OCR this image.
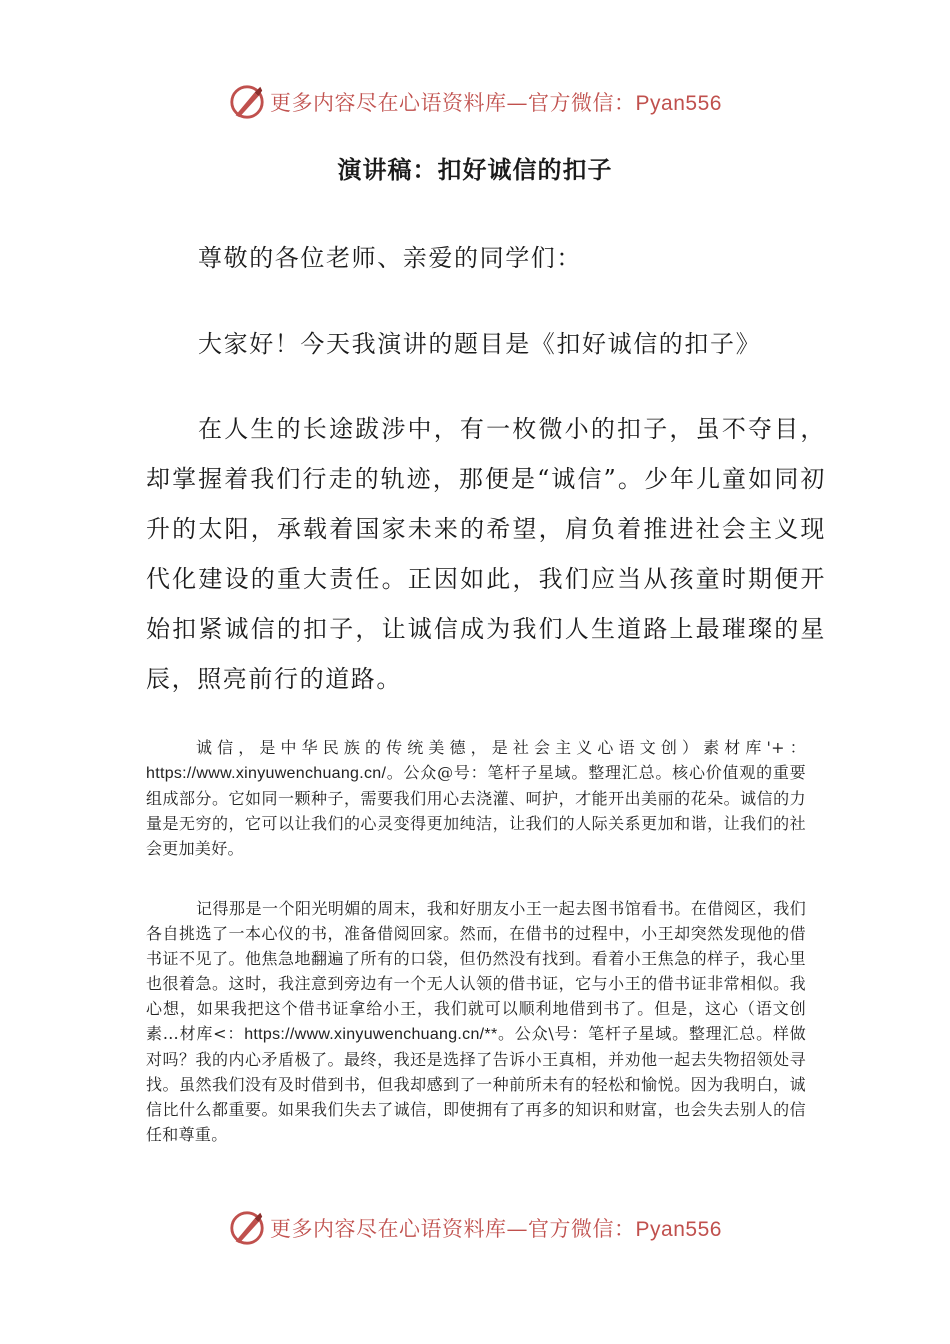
更多内容尽在心语资料库—官方微信：Pyan556
演讲稿：扣好诚信的扣子
尊敬的各位老师、亲爱的同学们：
大家好！今天我演讲的题目是《扣好诚信的扣子》
在人生的长途跋涉中，有一枚微小的扣子，虽不夺目，却掌握着我们行走的轨迹，那便是“诚信”。少年儿童如同初升的太阳，承载着国家未来的希望，肩负着推进社会主义现代化建设的重大责任。正因如此，我们应当从孩童时期便开始扣紧诚信的扣子，让诚信成为我们人生道路上最璀璨的星辰，照亮前行的道路。
诚信，是中华民族的传统美德，是社会主义心语文创）素材库'+：https://www.xinyuwenchuang.cn/。公众@号：笔杆子星域。整理汇总。核心价值观的重要组成部分。它如同一颗种子，需要我们用心去浇灌、呵护，才能开出美丽的花朵。诚信的力量是无穷的，它可以让我们的心灵变得更加纯洁，让我们的人际关系更加和谐，让我们的社会更加美好。
记得那是一个阳光明媚的周末，我和好朋友小王一起去图书馆看书。在借阅区，我们各自挑选了一本心仪的书，准备借阅回家。然而，在借书的过程中，小王却突然发现他的借书证不见了。他焦急地翻遍了所有的口袋，但仍然没有找到。看着小王焦急的样子，我心里也很着急。这时，我注意到旁边有一个无人认领的借书证，它与小王的借书证非常相似。我心想，如果我把这个借书证拿给小王，我们就可以顺利地借到书了。但是，这心（语文创素…材库<：https://www.xinyuwenchuang.cn/**。公众\号：笔杆子星域。整理汇总。样做对吗？我的内心矛盾极了。最终，我还是选择了告诉小王真相，并劝他一起去失物招领处寻找。虽然我们没有及时借到书，但我却感到了一种前所未有的轻松和愉悦。因为我明白，诚信比什么都重要。如果我们失去了诚信，即使拥有了再多的知识和财富，也会失去别人的信任和尊重。
更多内容尽在心语资料库—官方微信：Pyan556
